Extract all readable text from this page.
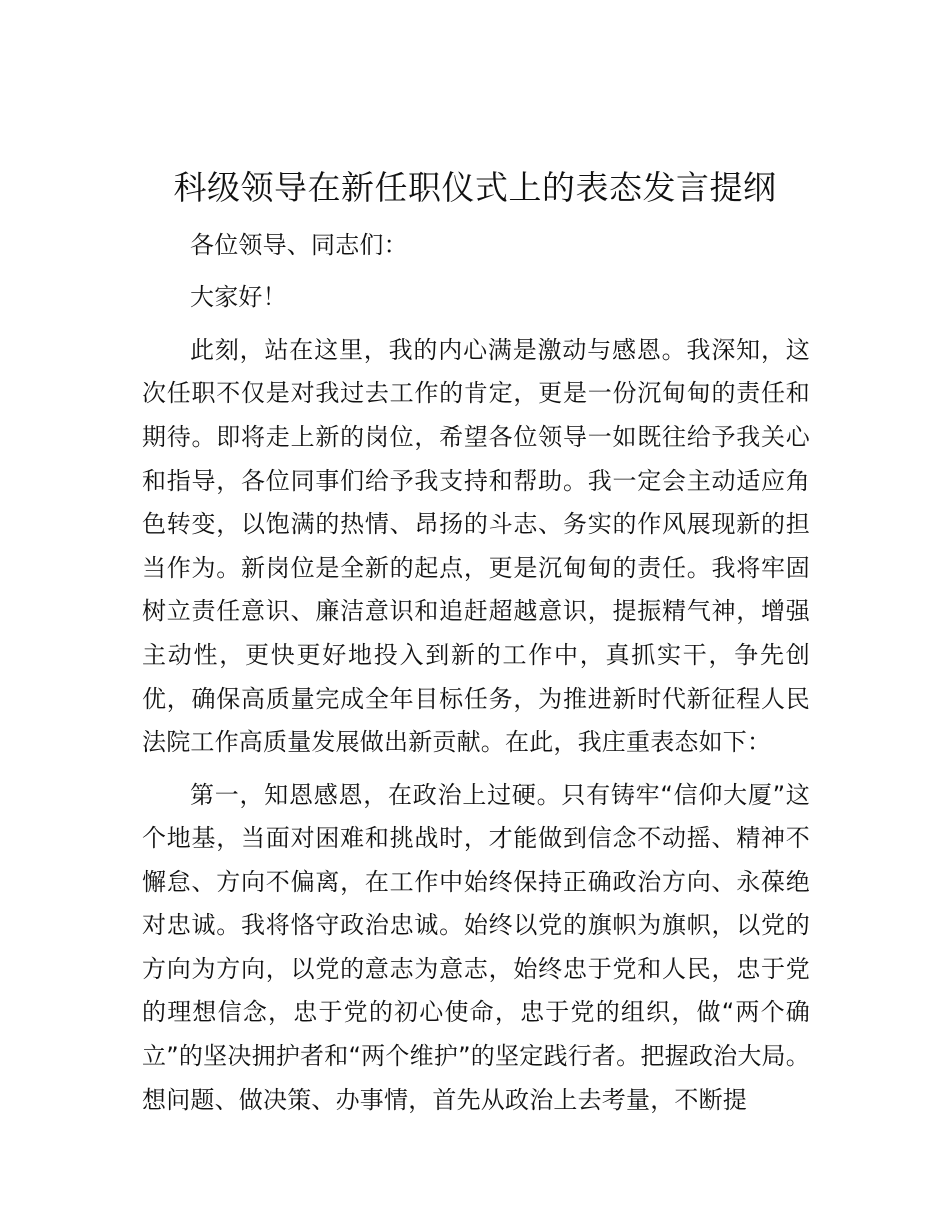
科级领导在新任职仪式上的表态发言提纲

各位领导、同志们：

大家好！

此刻，站在这里，我的内心满是激动与感恩。我深知，这次任职不仅是对我过去工作的肯定，更是一份沉甸甸的责任和期待。即将走上新的岗位，希望各位领导一如既往给予我关心和指导，各位同事们给予我支持和帮助。我一定会主动适应角色转变，以饱满的热情、昂扬的斗志、务实的作风展现新的担当作为。新岗位是全新的起点，更是沉甸甸的责任。我将牢固树立责任意识、廉洁意识和追赶超越意识，提振精气神，增强主动性，更快更好地投入到新的工作中，真抓实干，争先创优，确保高质量完成全年目标任务，为推进新时代新征程人民法院工作高质量发展做出新贡献。在此，我庄重表态如下：

第一，知恩感恩，在政治上过硬。只有铸牢“信仰大厦”这个地基，当面对困难和挑战时，才能做到信念不动摇、精神不懈怠、方向不偏离，在工作中始终保持正确政治方向、永葆绝对忠诚。我将恪守政治忠诚。始终以党的旗帜为旗帜，以党的方向为方向，以党的意志为意志，始终忠于党和人民，忠于党的理想信念，忠于党的初心使命，忠于党的组织，做“两个确立”的坚决拥护者和“两个维护”的坚定践行者。把握政治大局。想问题、做决策、办事情，首先从政治上去考量，不断提
